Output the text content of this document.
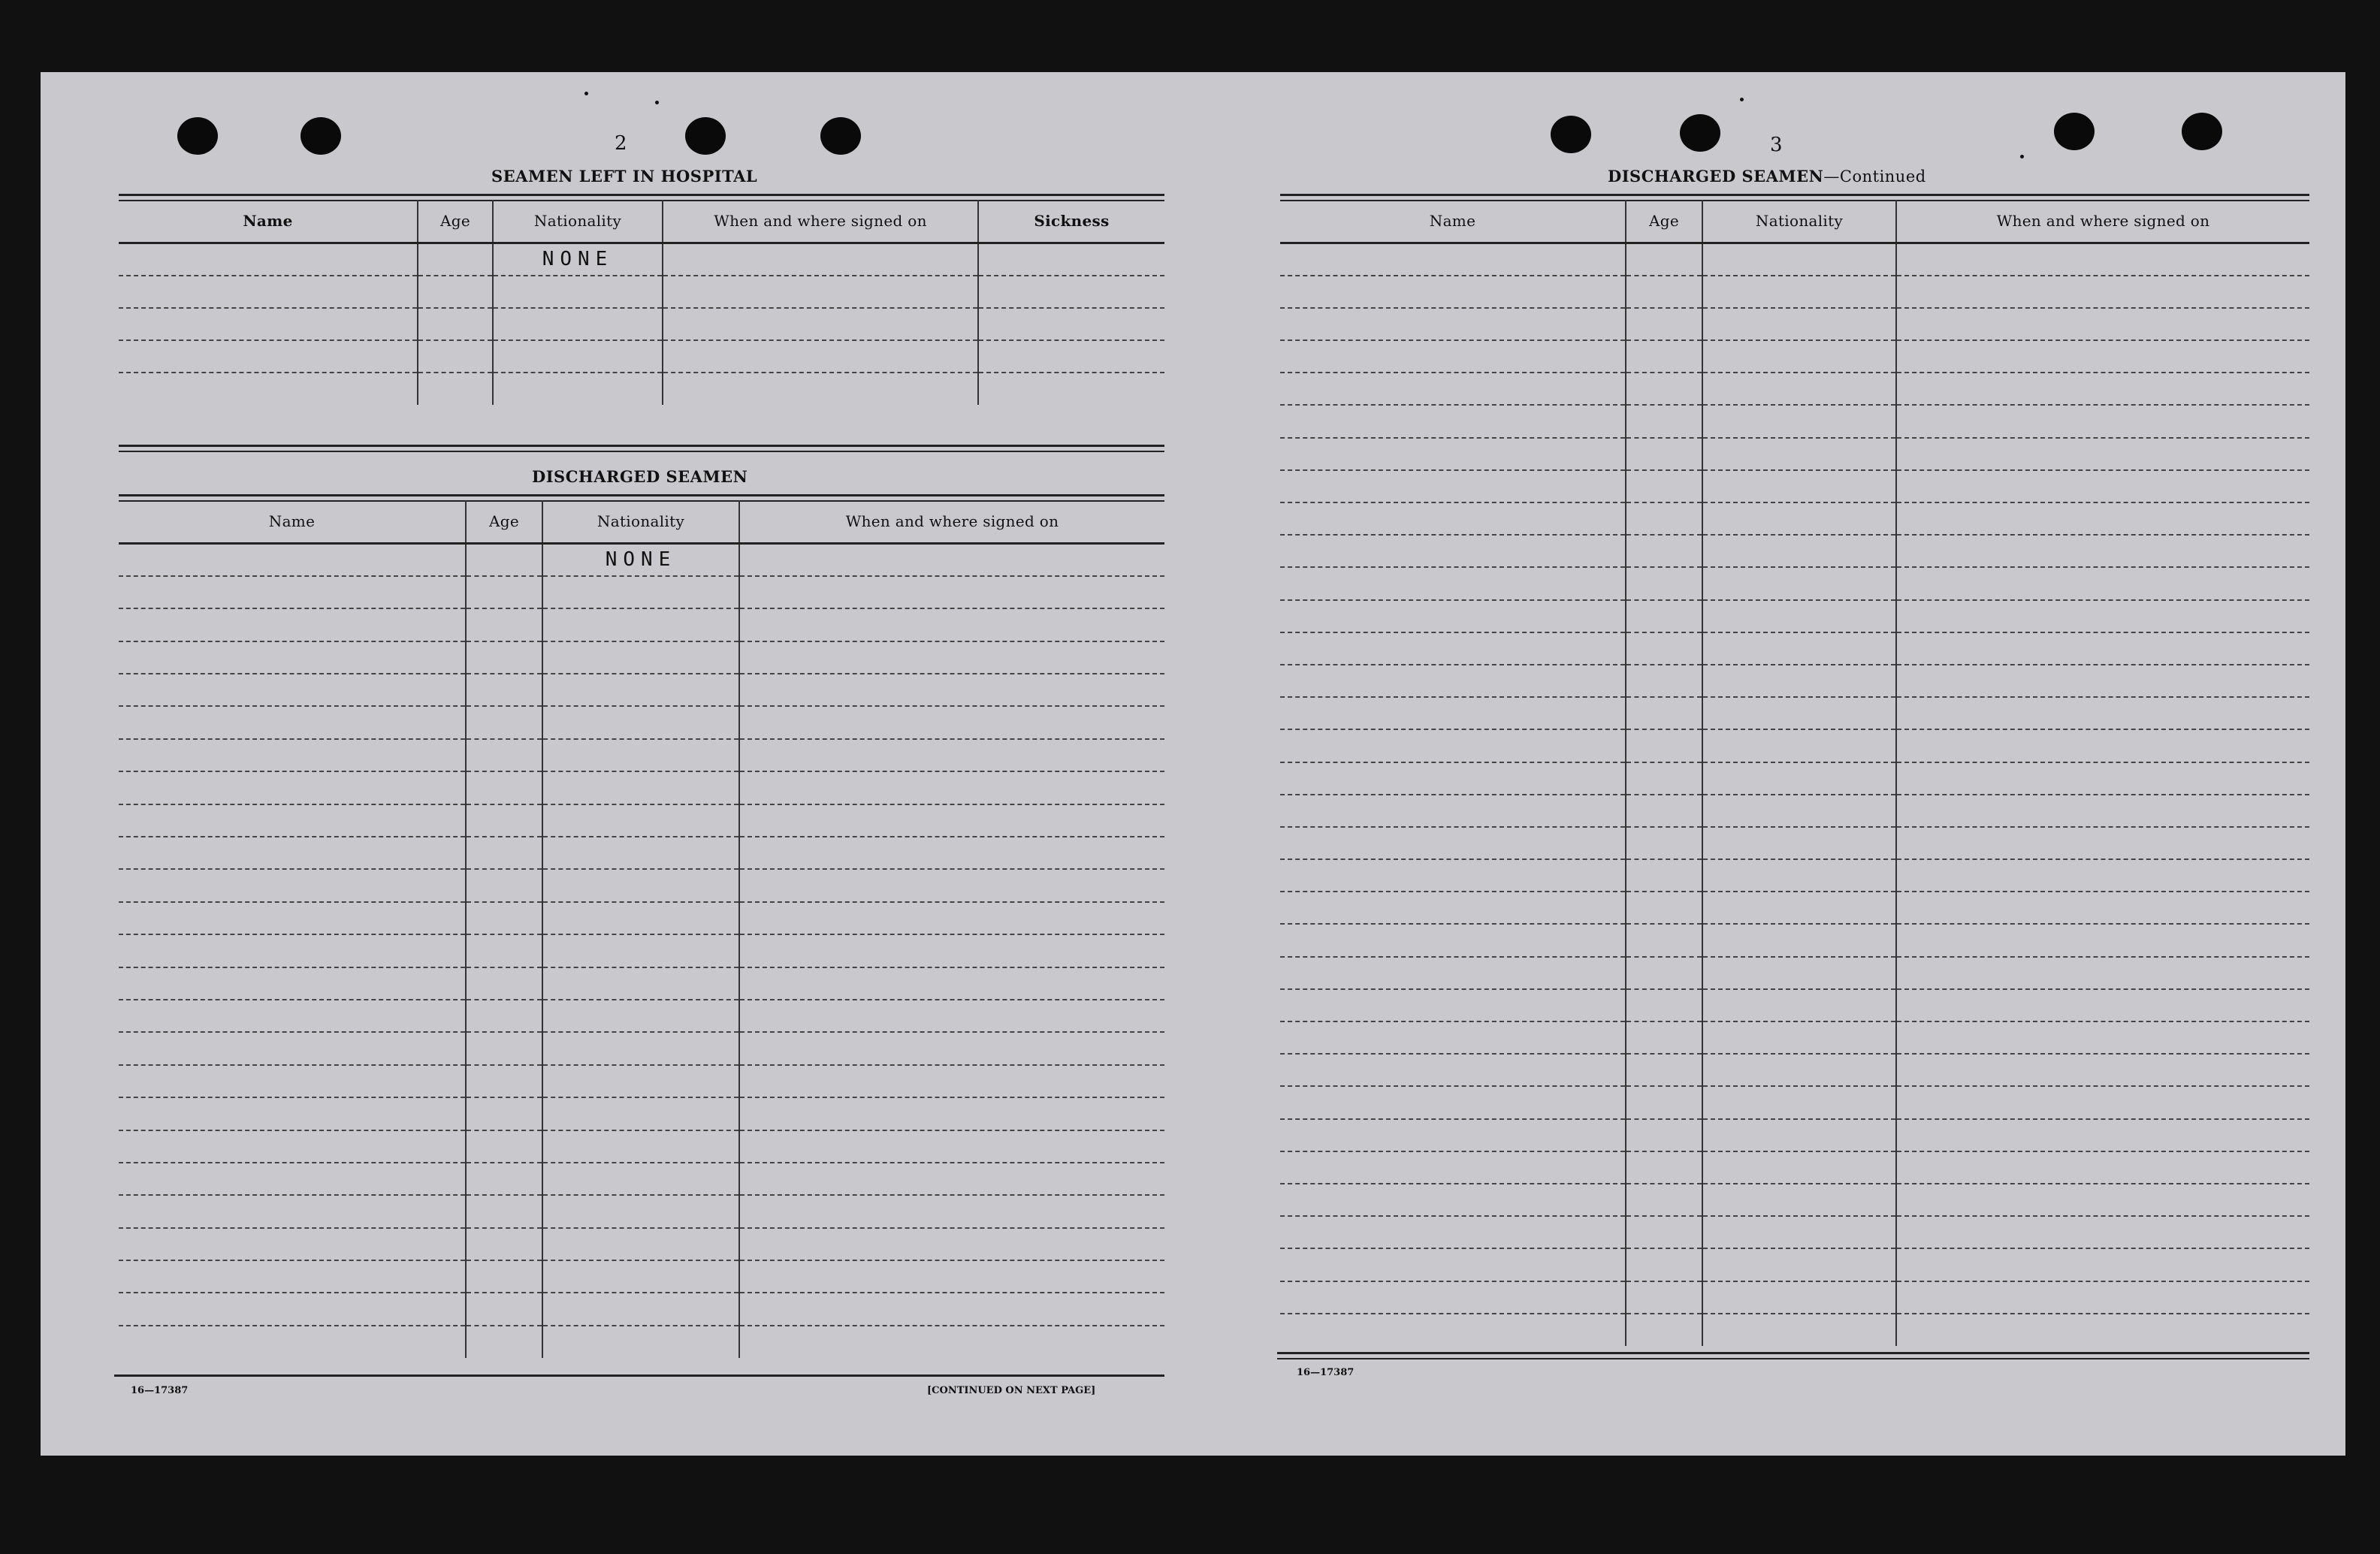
2
SEAMEN LEFT IN HOSPITAL
Name	Age	Nationality	When and where signed on	Sickness
		NONE		

DISCHARGED SEAMEN
Name	Age	Nationality	When and where signed on
		NONE	

16—17387	[CONTINUED ON NEXT PAGE]
3
DISCHARGED SEAMEN—Continued
Name	Age	Nationality	When and where signed on

16—17387
